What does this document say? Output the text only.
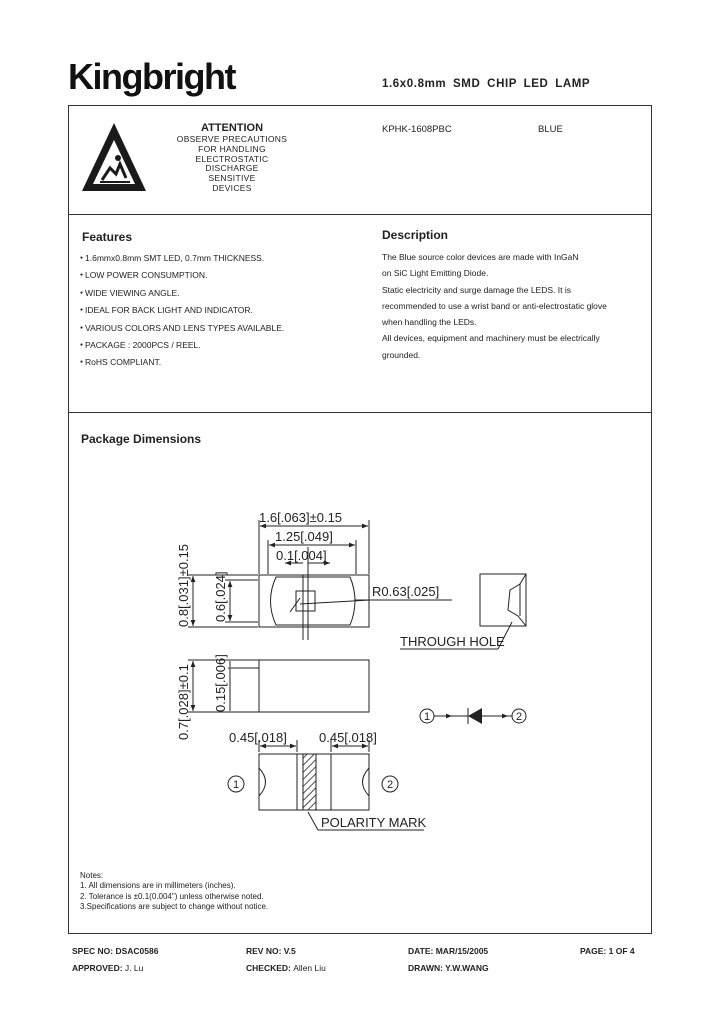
Kingbright	1.6x0.8mm SMD CHIP LED LAMP
ATTENTION
OBSERVE PRECAUTIONS
FOR HANDLING
ELECTROSTATIC
DISCHARGE
SENSITIVE
DEVICES
KPHK-1608PBC	BLUE
Features
● 1.6mmx0.8mm SMT LED, 0.7mm THICKNESS.
● LOW POWER CONSUMPTION.
● WIDE VIEWING ANGLE.
● IDEAL FOR BACK LIGHT AND INDICATOR.
● VARIOUS COLORS AND LENS TYPES AVAILABLE.
● PACKAGE : 2000PCS / REEL.
● RoHS COMPLIANT.
Description
The Blue source color devices are made with InGaN
on SiC Light Emitting Diode.
Static electricity and surge damage the LEDS. It is
recommended to use a wrist band or anti-electrostatic glove
when handling the LEDs.
All devices, equipment and machinery must be electrically
grounded.
Package Dimensions
1.6[.063]±0.15
1.25[.049]
0.1[.004]
R0.63[.025]
0.8[.031]±0.15 0.6[.024]
0.7[.028]±0.1 0.15[.006]
0.45[.018] 0.45[.018]
THROUGH HOLE
POLARITY MARK
1	2
1	2
Notes:
1. All dimensions are in millimeters (inches).
2. Tolerance is ±0.1(0.004") unless otherwise noted.
3.Specifications are subject to change without notice.
SPEC NO: DSAC0586	REV NO: V.5	DATE: MAR/15/2005	PAGE: 1 OF 4
APPROVED: J. Lu	CHECKED: Allen Liu	DRAWN: Y.W.WANG
